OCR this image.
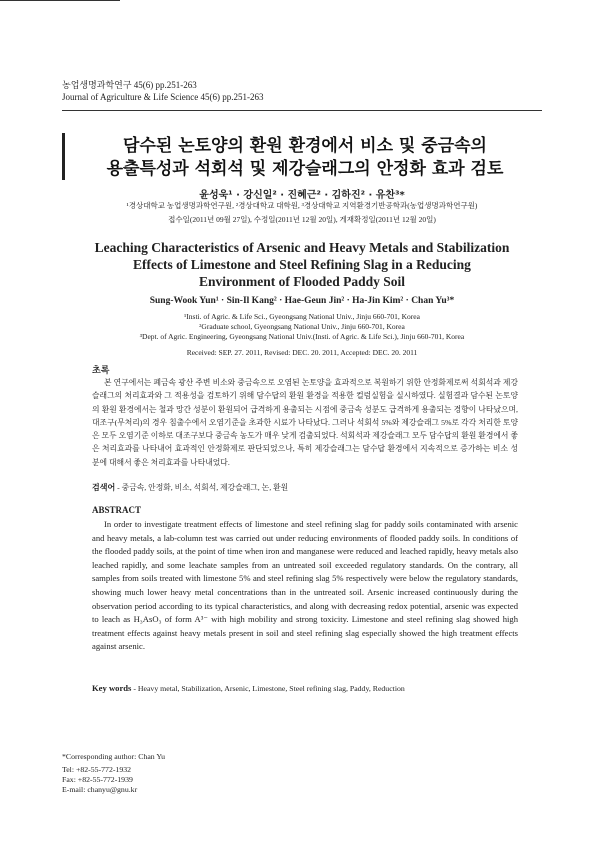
농업생명과학연구 45(6) pp.251-263
Journal of Agriculture & Life Science 45(6) pp.251-263
담수된 논토양의 환원 환경에서 비소 및 중금속의
용출특성과 석회석 및 제강슬래그의 안정화 효과 검토
윤성욱¹ · 강신일² · 진혜근² · 김하진² · 유찬³*
¹경상대학교 농업생명과학연구원, ²경상대학교 대학원, ³경상대학교 지역환경기반공학과(농업생명과학연구원)
접수일(2011년 09월 27일), 수정일(2011년 12월 20일), 게재확정일(2011년 12월 20일)
Leaching Characteristics of Arsenic and Heavy Metals and Stabilization
Effects of Limestone and Steel Refining Slag in a Reducing
Environment of Flooded Paddy Soil
Sung-Wook Yun¹ · Sin-Il Kang² · Hae-Geun Jin² · Ha-Jin Kim² · Chan Yu³*
¹Insti. of Agric. & Life Sci., Gyeongsang National Univ., Jinju 660-701, Korea
²Graduate school, Gyeongsang National Univ., Jinju 660-701, Korea
³Dept. of Agric. Engineering, Gyeongsang National Univ.(Insti. of Agric. & Life Sci.), Jinju 660-701, Korea
Received: SEP. 27. 2011, Revised: DEC. 20. 2011, Accepted: DEC. 20. 2011
초록
본 연구에서는 폐금속 광산 주변 비소와 중금속으로 오염된 논토양을 효과적으로 복원하기 위한 안정화제로써 석회석과 제강슬래그의 처리효과와 그 적용성을 검토하기 위해 담수답의 환원 환경을 적용한 컬럼실험을 실시하였다. 실험결과 담수된 논토양의 환원 환경에서는 철과 망간 성분이 환원되어 급격하게 용출되는 시점에 중금속 성분도 급격하게 용출되는 경향이 나타났으며, 대조구(무처리)의 경우 침출수에서 오염기준을 초과한 시료가 나타났다. 그러나 석회석 5%와 제강슬래그 5%로 각각 처리한 토양은 모두 오염기준 이하로 대조구보다 중금속 농도가 매우 낮게 검출되었다. 석회석과 제강슬래그 모두 담수답의 환원 환경에서 좋은 처리효과를 나타내어 효과적인 안정화제로 판단되었으나, 특히 제강슬래그는 담수답 환경에서 지속적으로 증가하는 비소 성분에 대해서 좋은 처리효과를 나타내었다.
검색어 - 중금속, 안정화, 비소, 석회석, 제강슬래그, 논, 환원
ABSTRACT
In order to investigate treatment effects of limestone and steel refining slag for paddy soils contaminated with arsenic and heavy metals, a lab-column test was carried out under reducing environments of flooded paddy soils. In conditions of the flooded paddy soils, at the point of time when iron and manganese were reduced and leached rapidly, heavy metals also leached rapidly, and some leachate samples from an untreated soil exceeded regulatory standards. On the contrary, all samples from soils treated with limestone 5% and steel refining slag 5% respectively were below the regulatory standards, showing much lower heavy metal concentrations than in the untreated soil. Arsenic increased continuously during the observation period according to its typical characteristics, and along with decreasing redox potential, arsenic was expected to leach as H₃AsO₃ of form A³⁻ with high mobility and strong toxicity. Limestone and steel refining slag showed high treatment effects against heavy metals present in soil and steel refining slag especially showed the high treatment effects against arsenic.
Key words - Heavy metal, Stabilization, Arsenic, Limestone, Steel refining slag, Paddy, Reduction
*Corresponding author: Chan Yu
Tel: +82-55-772-1932
Fax: +82-55-772-1939
E-mail: chanyu@gnu.kr
